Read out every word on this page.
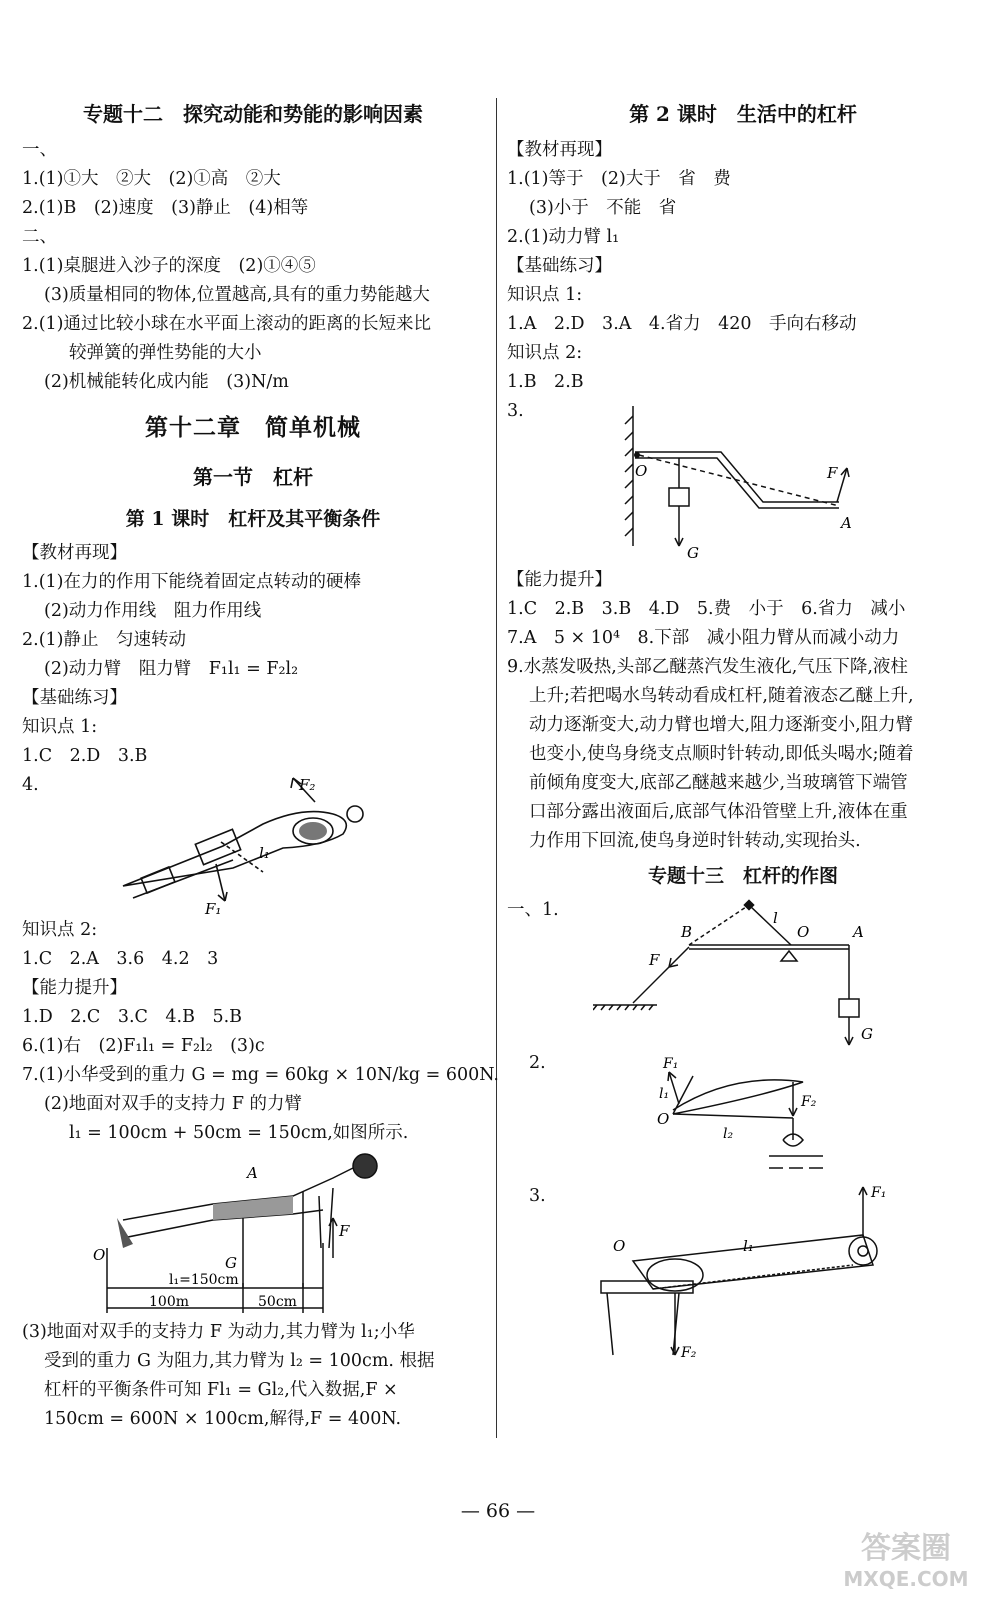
专题十二　探究动能和势能的影响因素
一、
1.(1)①大　②大　(2)①高　②大
2.(1)B　(2)速度　(3)静止　(4)相等
二、
1.(1)桌腿进入沙子的深度　(2)①④⑤
(3)质量相同的物体,位置越高,具有的重力势能越大
2.(1)通过比较小球在水平面上滚动的距离的长短来比
较弹簧的弹性势能的大小
(2)机械能转化成内能　(3)N/m
第十二章　简单机械
第一节　杠杆
第 1 课时　杠杆及其平衡条件
【教材再现】
1.(1)在力的作用下能绕着固定点转动的硬棒
(2)动力作用线　阻力作用线
2.(1)静止　匀速转动
(2)动力臂　阻力臂　F₁l₁ = F₂l₂
【基础练习】
知识点 1:
1.C　2.D　3.B
4.	F₂
l₁
F₁
知识点 2:
1.C　2.A　3.6　4.2　3
【能力提升】
1.D　2.C　3.C　4.B　5.B
6.(1)右　(2)F₁l₁ = F₂l₂　(3)c
7.(1)小华受到的重力 G = mg = 60kg × 10N/kg = 600N.
(2)地面对双手的支持力 F 的力臂
l₁ = 100cm + 50cm = 150cm,如图所示.
A
G
O
F
l₁=150cm
100m	50cm
(3)地面对双手的支持力 F 为动力,其力臂为 l₁;小华
受到的重力 G 为阻力,其力臂为 l₂ = 100cm. 根据
杠杆的平衡条件可知 Fl₁ = Gl₂,代入数据,F ×
150cm = 600N × 100cm,解得,F = 400N.
第 2 课时　生活中的杠杆
【教材再现】
1.(1)等于　(2)大于　省　费
(3)小于　不能　省
2.(1)动力臂 l₁
【基础练习】
知识点 1:
1.A　2.D　3.A　4.省力　420　手向右移动
知识点 2:
1.B　2.B
3.
O	F
A
G
【能力提升】
1.C　2.B　3.B　4.D　5.费　小于　6.省力　减小
7.A　5 × 10⁴　8.下部　减小阻力臂从而减小动力
9.水蒸发吸热,头部乙醚蒸汽发生液化,气压下降,液柱
上升;若把喝水鸟转动看成杠杆,随着液态乙醚上升,
动力逐渐变大,动力臂也增大,阻力逐渐变小,阻力臂
也变小,使鸟身绕支点顺时针转动,即低头喝水;随着
前倾角度变大,底部乙醚越来越少,当玻璃管下端管
口部分露出液面后,底部气体沿管壁上升,液体在重
力作用下回流,使鸟身逆时针转动,实现抬头.
专题十三　杠杆的作图
一、1.
B	O	A
l
F
G
2.	F₁
l₁
O
l₂
F₂
3.
O	l₁
F₁
F₂
— 66 —
答案圈
MXQE.COM
